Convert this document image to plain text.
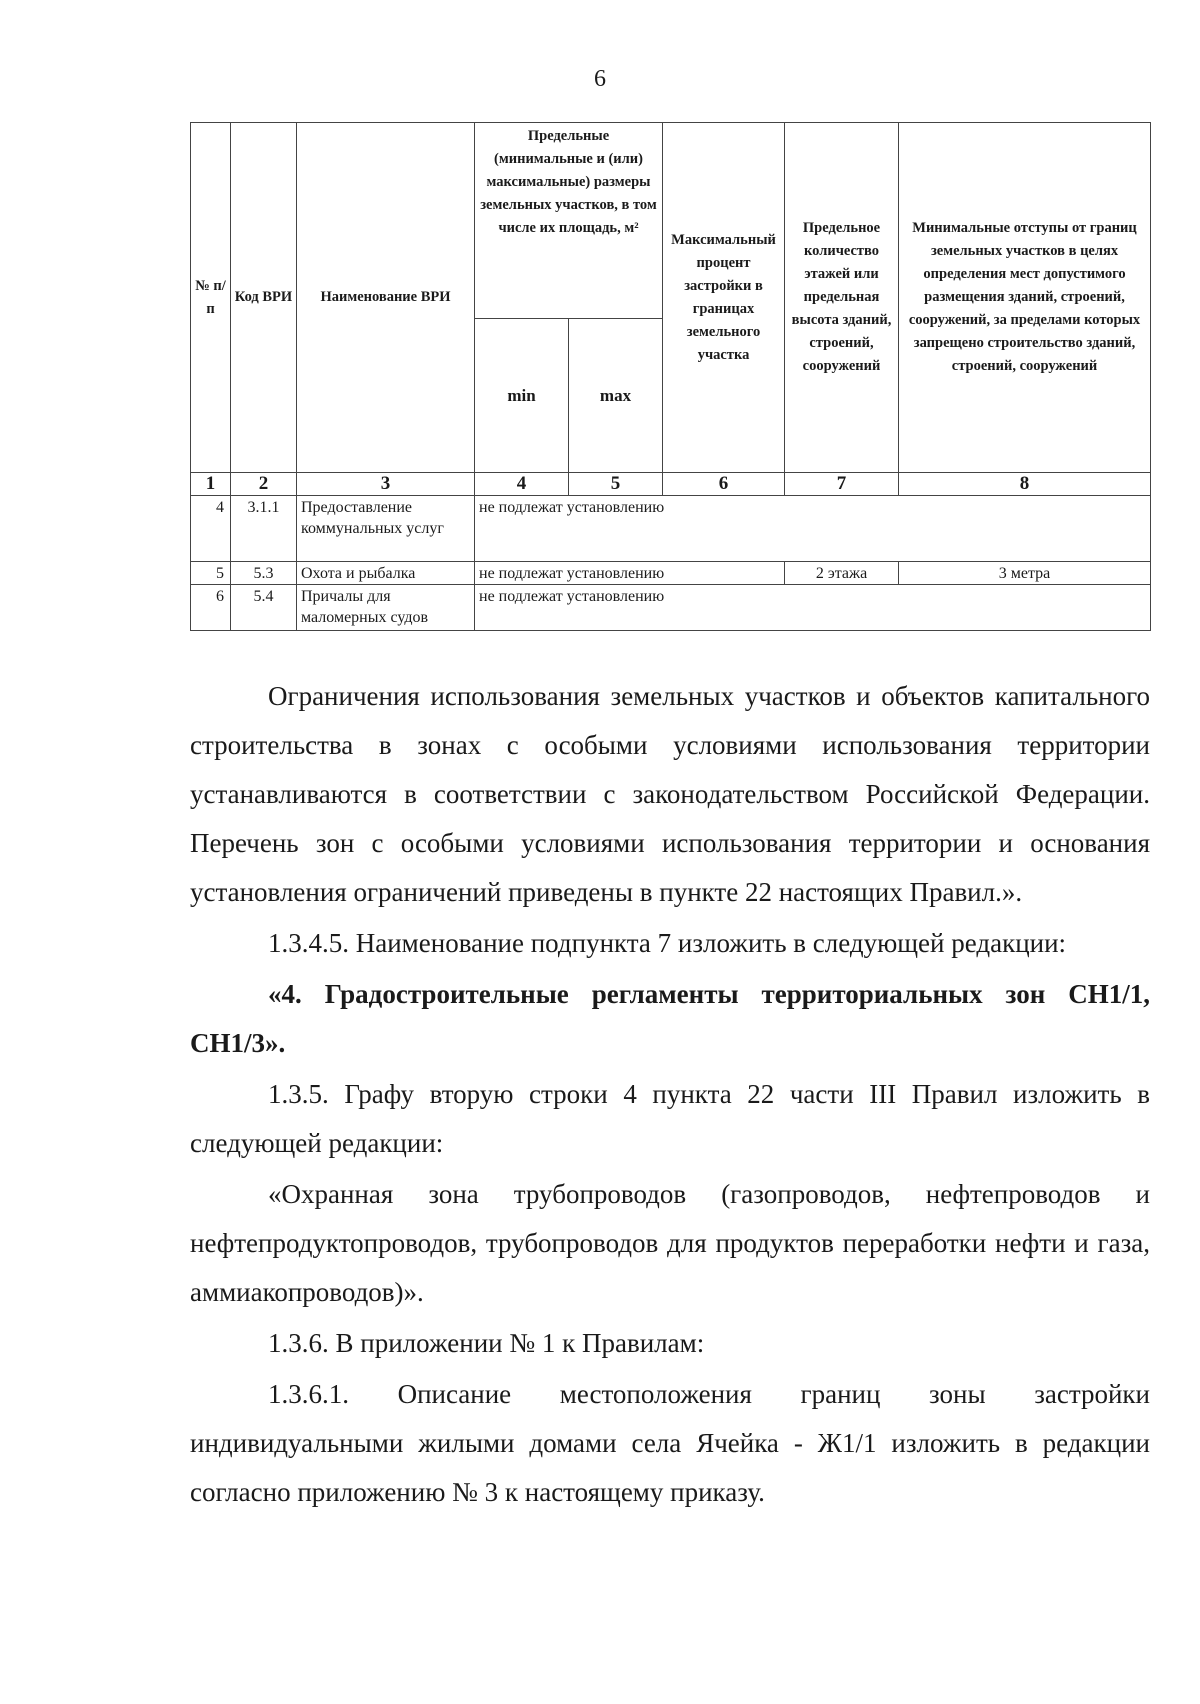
6
№ п/п	Код ВРИ	Наименование ВРИ	Предельные (минимальные и (или) максимальные) размеры земельных участков, в том числе их площадь, м²		Максимальный процент застройки в границах земельного участка	Предельное количество этажей или предельная высота зданий, строений, сооружений	Минимальные отступы от границ земельных участков в целях определения мест допустимого размещения зданий, строений, сооружений, за пределами которых запрещено строительство зданий, строений, сооружений
			min	max			
1	2	3	4	5	6	7	8
4	3.1.1	Предоставление коммунальных услуг	не подлежат установлению				
5	5.3	Охота и рыбалка	не подлежат установлению			2 этажа	3 метра
6	5.4	Причалы для маломерных судов	не подлежат установлению				

Ограничения использования земельных участков и объектов капитального строительства в зонах с особыми условиями использования территории устанавливаются в соответствии с законодательством Российской Федерации. Перечень зон с особыми условиями использования территории и основания установления ограничений приведены в пункте 22 настоящих Правил.».

1.3.4.5. Наименование подпункта 7 изложить в следующей редакции:

«4. Градостроительные регламенты территориальных зон СН1/1, СН1/3».

1.3.5. Графу вторую строки 4 пункта 22 части III Правил изложить в следующей редакции:

«Охранная зона трубопроводов (газопроводов, нефтепроводов и нефтепродуктопроводов, трубопроводов для продуктов переработки нефти и газа, аммиакопроводов)».

1.3.6. В приложении № 1 к Правилам:

1.3.6.1. Описание местоположения границ зоны застройки индивидуальными жилыми домами села Ячейка - Ж1/1 изложить в редакции согласно приложению № 3 к настоящему приказу.
